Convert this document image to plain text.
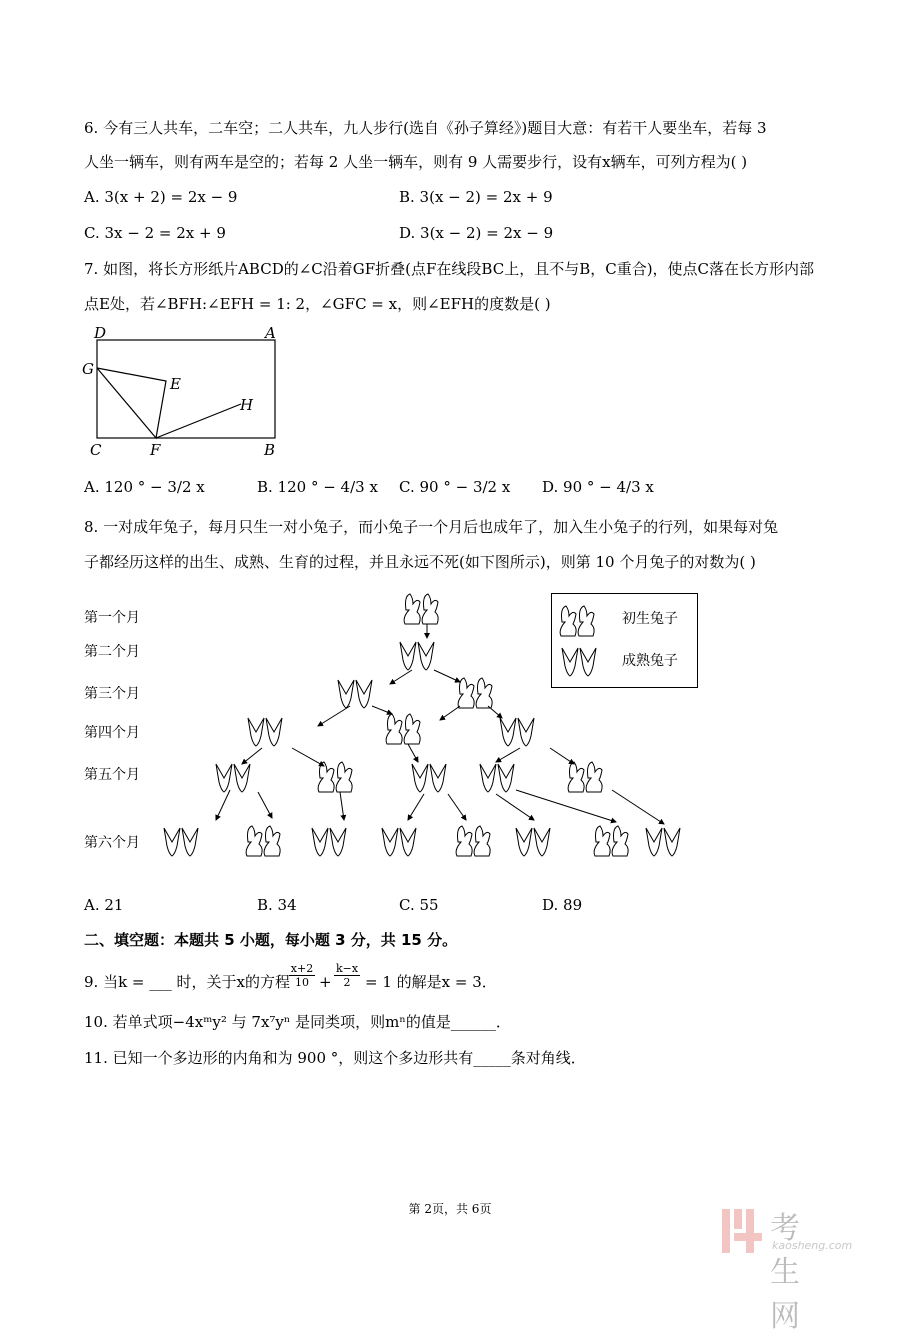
6. 今有三人共车，二车空；二人共车，九人步行(选自《孙子算经》)题目大意：有若干人要坐车，若每 3
人坐一辆车，则有两车是空的；若每 2 人坐一辆车，则有 9 人需要步行，设有x辆车，可列方程为( )
A. 3(x + 2) = 2x − 9	B. 3(x − 2) = 2x + 9
C. 3x − 2 = 2x + 9	D. 3(x − 2) = 2x − 9
7. 如图，将长方形纸片ABCD的∠C沿着GF折叠(点F在线段BC上，且不与B，C重合)，使点C落在长方形内部
点E处，若∠BFH:∠EFH = 1: 2，∠GFC = x，则∠EFH的度数是( )
D	A
G
E
H
C	F	B
A. 120 ° − 3/2 x	B. 120 ° − 4/3 x C. 90 ° − 3/2 x D. 90 ° − 4/3 x
8. 一对成年兔子，每月只生一对小兔子，而小兔子一个月后也成年了，加入生小兔子的行列，如果每对兔
子都经历这样的出生、成熟、生育的过程，并且永远不死(如下图所示)，则第 10 个月兔子的对数为( )
第一个月
第二个月
第三个月
第四个月
第五个月
第六个月
初生兔子
成熟兔子
A. 21	B. 34	C. 55	D. 89
二、填空题：本题共 5 小题，每小题 3 分，共 15 分。
9. 当k = ___ 时，关于x的方程
$\frac{x+2}{10} + \frac{k-x}{2} = 1$ 的解是x = 3．
10. 若单式项−4xᵐy² 与 7x⁷yⁿ 是同类项，则mⁿ的值是______．
11. 已知一个多边形的内角和为 900 °，则这个多边形共有_____条对角线．
第 2页，共 6页
考生网
kaosheng.com
